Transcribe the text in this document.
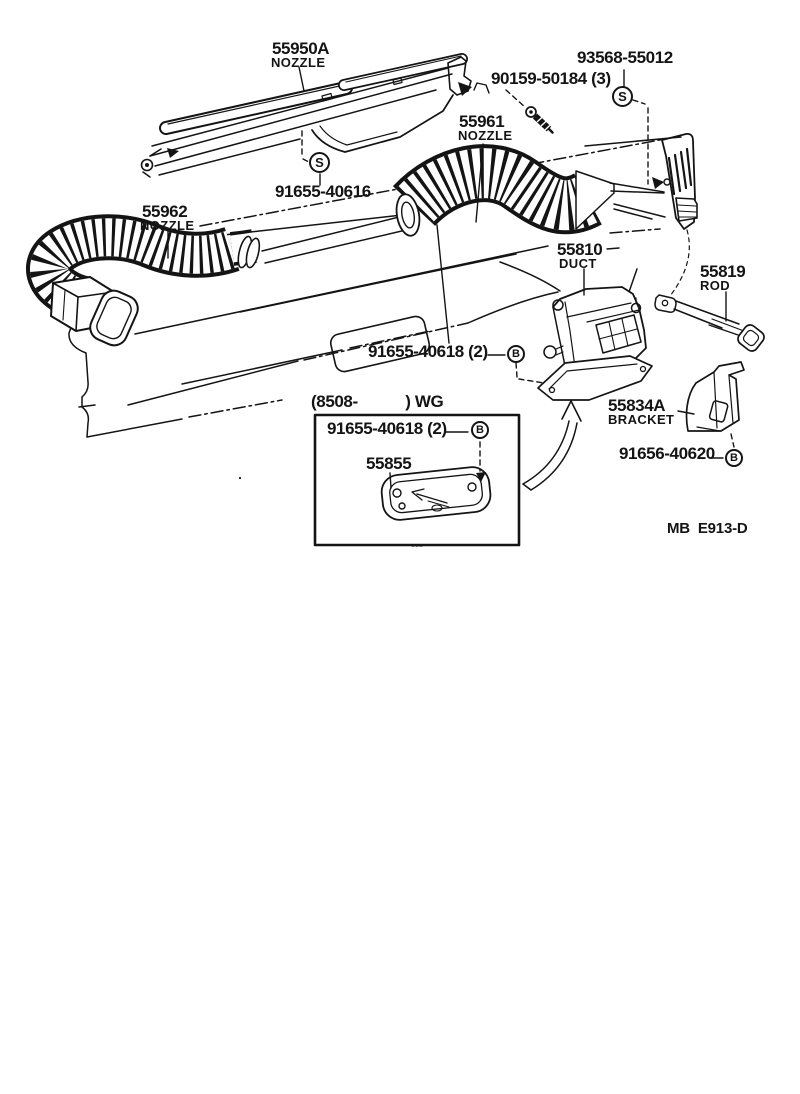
55950A
NOZZLE	93568-55012
90159-50184 (3)
55961
NOZZLE
91655-40616
55962
NOZZLE
55810
DUCT	55819
ROD
91655-40618 (2)
(8508-           ) WG
91655-40618 (2)
55855
55834A
BRACKET
91656-40620
MB  E913-D
S
S
B
B
B
